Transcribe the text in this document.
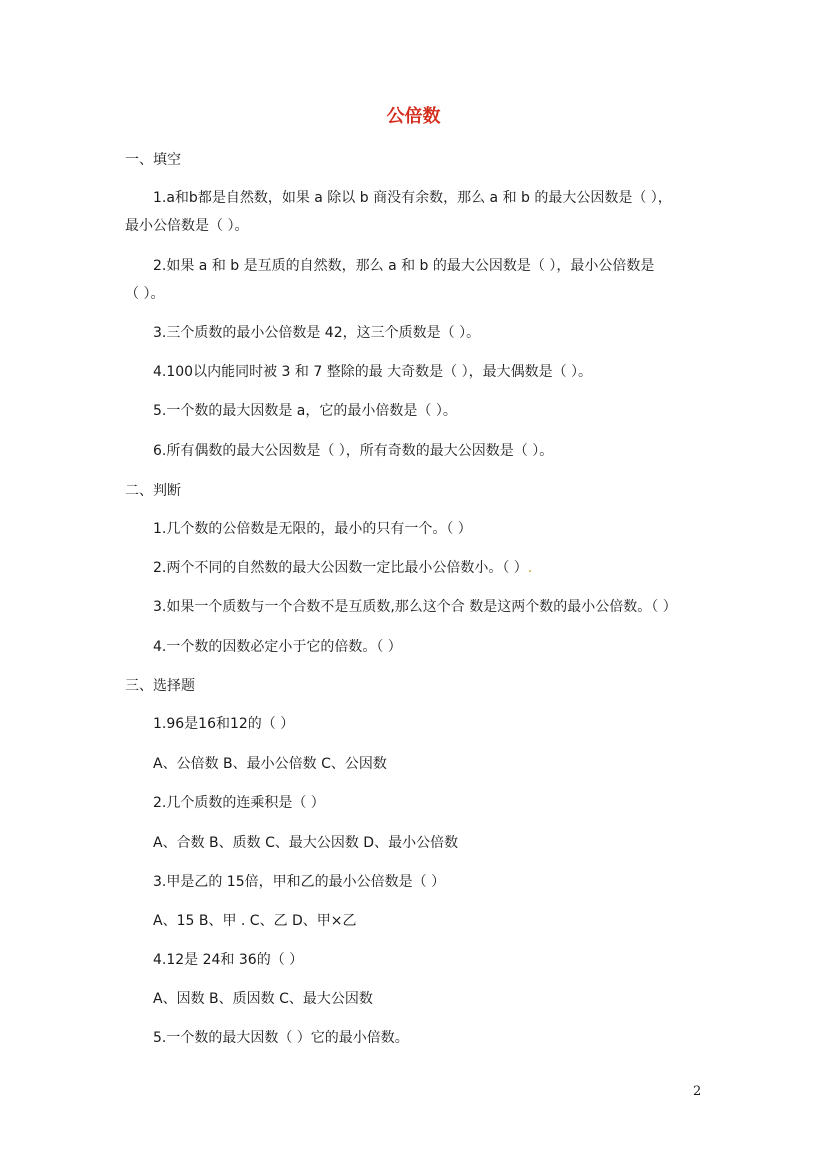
公倍数
一、填空
1.a和b都是自然数，如果 a 除以 b 商没有余数，那么 a 和 b 的最大公因数是（ ），
最小公倍数是（ ）。
2.如果 a 和 b 是互质的自然数，那么 a 和 b 的最大公因数是（ ），最小公倍数是
（ ）。
3.三个质数的最小公倍数是 42，这三个质数是（ ）。
4.100以内能同时被 3 和 7 整除的最 大奇数是（ ），最大偶数是（ ）。
5.一个数的最大因数是 a，它的最小倍数是（ ）。
6.所有偶数的最大公因数是（ ），所有奇数的最大公因数是（ ）。
二、判断
1.几个数的公倍数是无限的，最小的只有一个。（ ）
2.两个不同的自然数的最大公因数一定比最小公倍数小。（ ）.
3.如果一个质数与一个合数不是互质数,那么这个合 数是这两个数的最小公倍数。（ ）
4.一个数的因数必定小于它的倍数。（ ）
三、选择题
1.96是16和12的（ ）
A、公倍数 B、最小公倍数 C、公因数
2.几个质数的连乘积是（ ）
A、合数 B、质数 C、最大公因数 D、最小公倍数
3.甲是乙的 15倍，甲和乙的最小公倍数是（ ）
A、15 B、甲 . C、乙 D、甲×乙
4.12是 24和 36的（ ）
A、因数 B、质因数 C、最大公因数
5.一个数的最大因数（ ）它的最小倍数。
2
